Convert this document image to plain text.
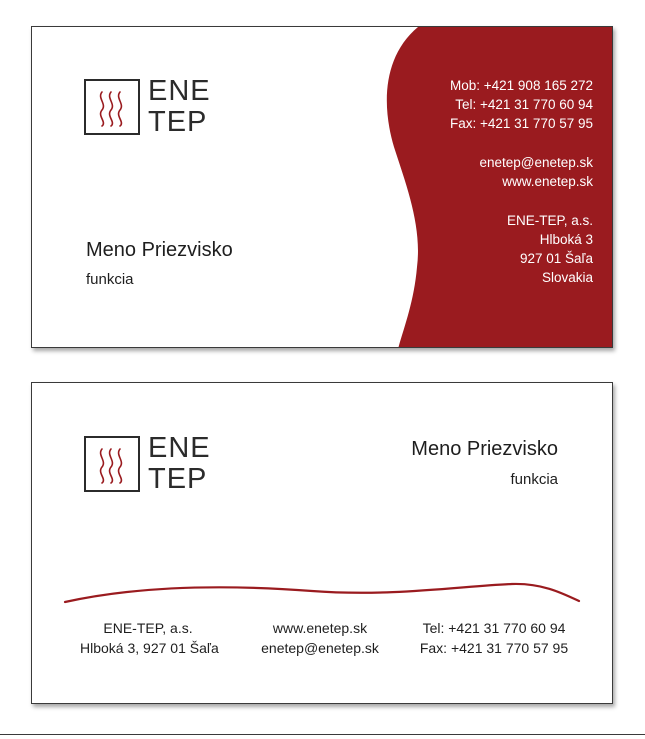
ENE
TEP
Meno Priezvisko
funkcia
Mob: +421 908 165 272
Tel: +421 31 770 60 94
Fax: +421 31 770 57 95
enetep@enetep.sk
www.enetep.sk
ENE-TEP, a.s.
Hlboká 3
927 01 Šaľa
Slovakia
ENE
TEP
Meno Priezvisko
funkcia
ENE-TEP, a.s.
Hlboká 3, 927 01 Šaľa
www.enetep.sk
enetep@enetep.sk
Tel: +421 31 770 60 94
Fax: +421 31 770 57 95
